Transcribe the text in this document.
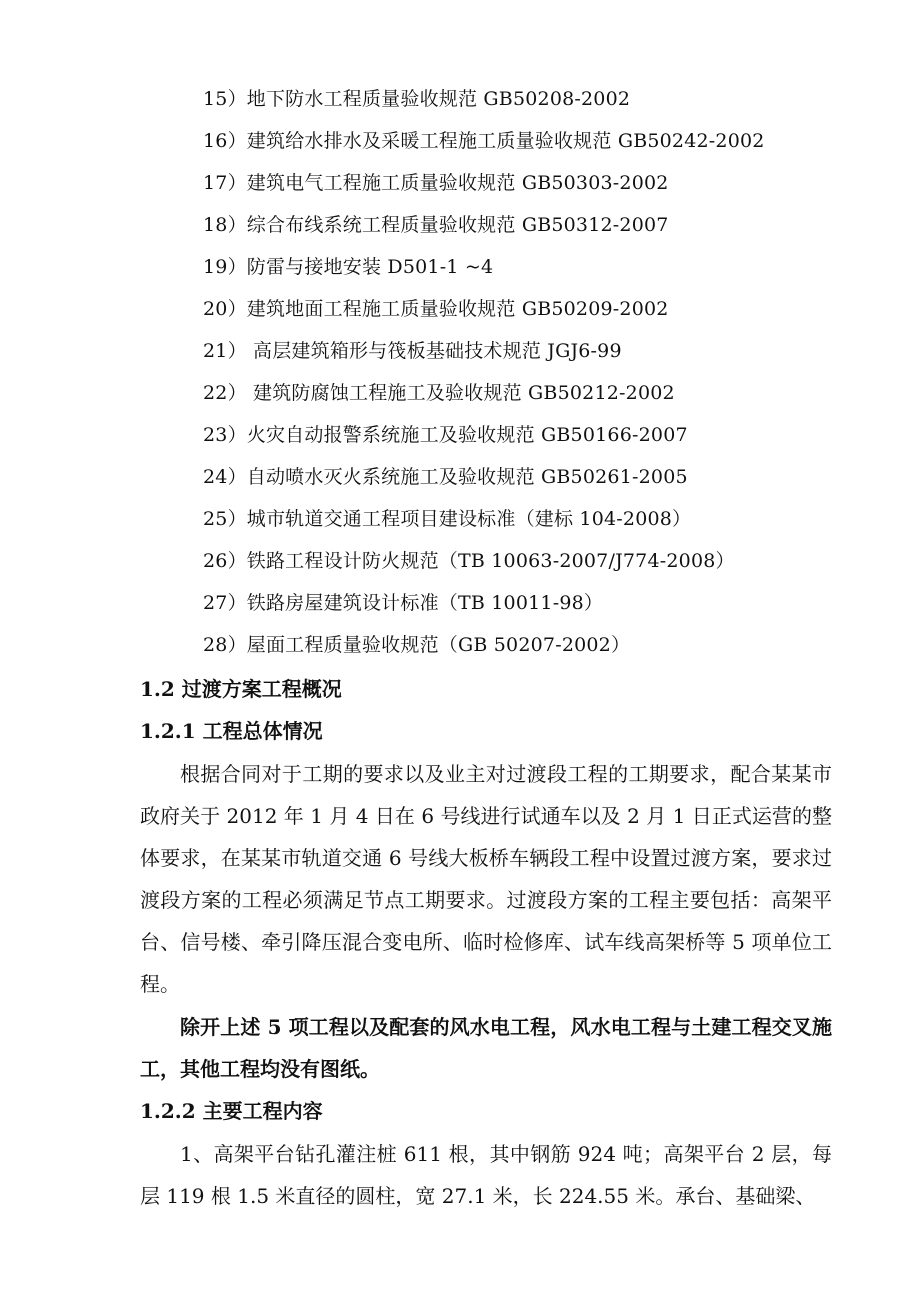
15）地下防水工程质量验收规范 GB50208-2002
16）建筑给水排水及采暖工程施工质量验收规范 GB50242-2002
17）建筑电气工程施工质量验收规范 GB50303-2002
18）综合布线系统工程质量验收规范 GB50312-2007
19）防雷与接地安装 D501-1 ~4
20）建筑地面工程施工质量验收规范 GB50209-2002
21） 高层建筑箱形与筏板基础技术规范 JGJ6-99
22） 建筑防腐蚀工程施工及验收规范 GB50212-2002
23）火灾自动报警系统施工及验收规范 GB50166-2007
24）自动喷水灭火系统施工及验收规范 GB50261-2005
25）城市轨道交通工程项目建设标准（建标 104-2008）
26）铁路工程设计防火规范（TB 10063-2007/J774-2008）
27）铁路房屋建筑设计标准（TB 10011-98）
28）屋面工程质量验收规范（GB 50207-2002）
1.2 过渡方案工程概况
1.2.1 工程总体情况

根据合同对于工期的要求以及业主对过渡段工程的工期要求，配合某某市政府关于 2012 年 1 月 4 日在 6 号线进行试通车以及 2 月 1 日正式运营的整体要求，在某某市轨道交通 6 号线大板桥车辆段工程中设置过渡方案，要求过渡段方案的工程必须满足节点工期要求。过渡段方案的工程主要包括：高架平台、信号楼、牵引降压混合变电所、临时检修库、试车线高架桥等 5 项单位工程。

除开上述 5 项工程以及配套的风水电工程，风水电工程与土建工程交叉施工，其他工程均没有图纸。

1.2.2 主要工程内容

1、高架平台钻孔灌注桩 611 根，其中钢筋 924 吨；高架平台 2 层，每层 119 根 1.5 米直径的圆柱，宽 27.1 米，长 224.55 米。承台、基础梁、
